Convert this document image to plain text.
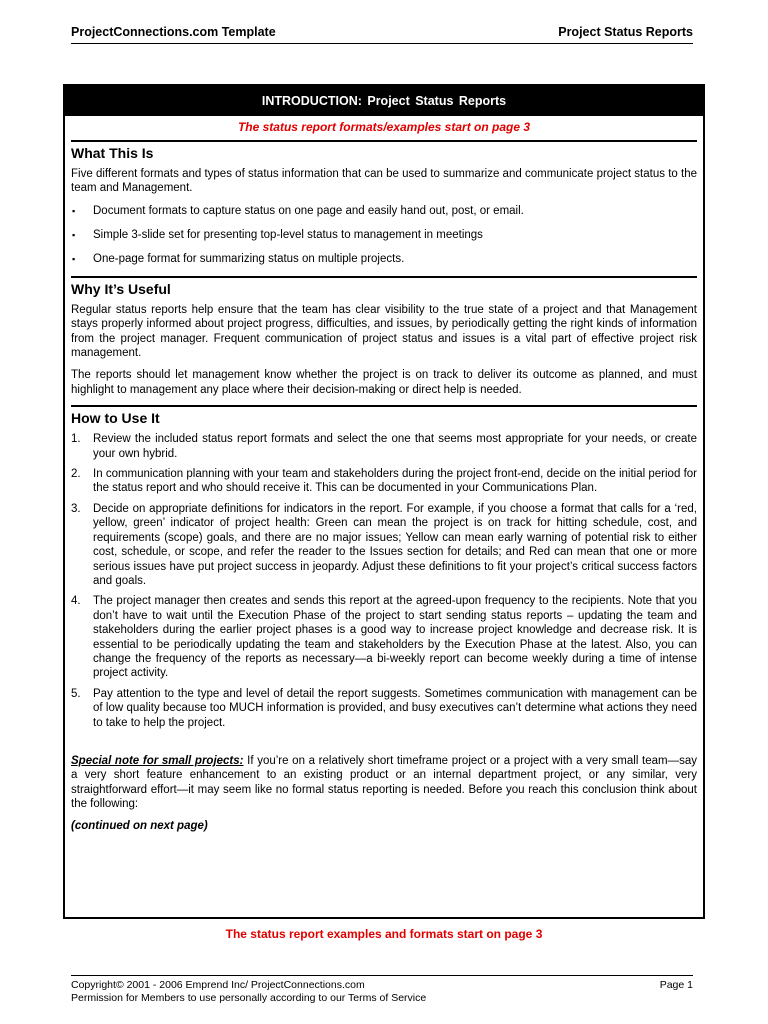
ProjectConnections.com Template	Project Status Reports
INTRODUCTION: Project Status Reports
The status report formats/examples start on page 3
What This Is

Five different formats and types of status information that can be used to summarize and communicate project status to the team and Management.

▪ Document formats to capture status on one page and easily hand out, post, or email.
▪ Simple 3-slide set for presenting top-level status to management in meetings
▪ One-page format for summarizing status on multiple projects.
Why It’s Useful

Regular status reports help ensure that the team has clear visibility to the true state of a project and that Management stays properly informed about project progress, difficulties, and issues, by periodically getting the right kinds of information from the project manager. Frequent communication of project status and issues is a vital part of effective project risk management.

The reports should let management know whether the project is on track to deliver its outcome as planned, and must highlight to management any place where their decision-making or direct help is needed.

How to Use It
1. Review the included status report formats and select the one that seems most appropriate for your needs, or create your own hybrid.
2. In communication planning with your team and stakeholders during the project front-end, decide on the initial period for the status report and who should receive it. This can be documented in your Communications Plan.
3. Decide on appropriate definitions for indicators in the report. For example, if you choose a format that calls for a ‘red, yellow, green’ indicator of project health: Green can mean the project is on track for hitting schedule, cost, and requirements (scope) goals, and there are no major issues; Yellow can mean early warning of potential risk to either cost, schedule, or scope, and refer the reader to the Issues section for details; and Red can mean that one or more serious issues have put project success in jeopardy. Adjust these definitions to fit your project’s critical success factors and goals.
4. The project manager then creates and sends this report at the agreed-upon frequency to the recipients. Note that you don’t have to wait until the Execution Phase of the project to start sending status reports – updating the team and stakeholders during the earlier project phases is a good way to increase project knowledge and decrease risk. It is essential to be periodically updating the team and stakeholders by the Execution Phase at the latest. Also, you can change the frequency of the reports as necessary—a bi-weekly report can become weekly during a time of intense project activity.
5. Pay attention to the type and level of detail the report suggests. Sometimes communication with management can be of low quality because too MUCH information is provided, and busy executives can’t determine what actions they need to take to help the project.

Special note for small projects: If you’re on a relatively short timeframe project or a project with a very small team—say a very short feature enhancement to an existing product or an internal department project, or any similar, very straightforward effort—it may seem like no formal status reporting is needed. Before you reach this conclusion think about the following:

(continued on next page)
The status report examples and formats start on page 3
Copyright© 2001 - 2006 Emprend Inc/ ProjectConnections.com
Permission for Members to use personally according to our Terms of Service
Page 1
